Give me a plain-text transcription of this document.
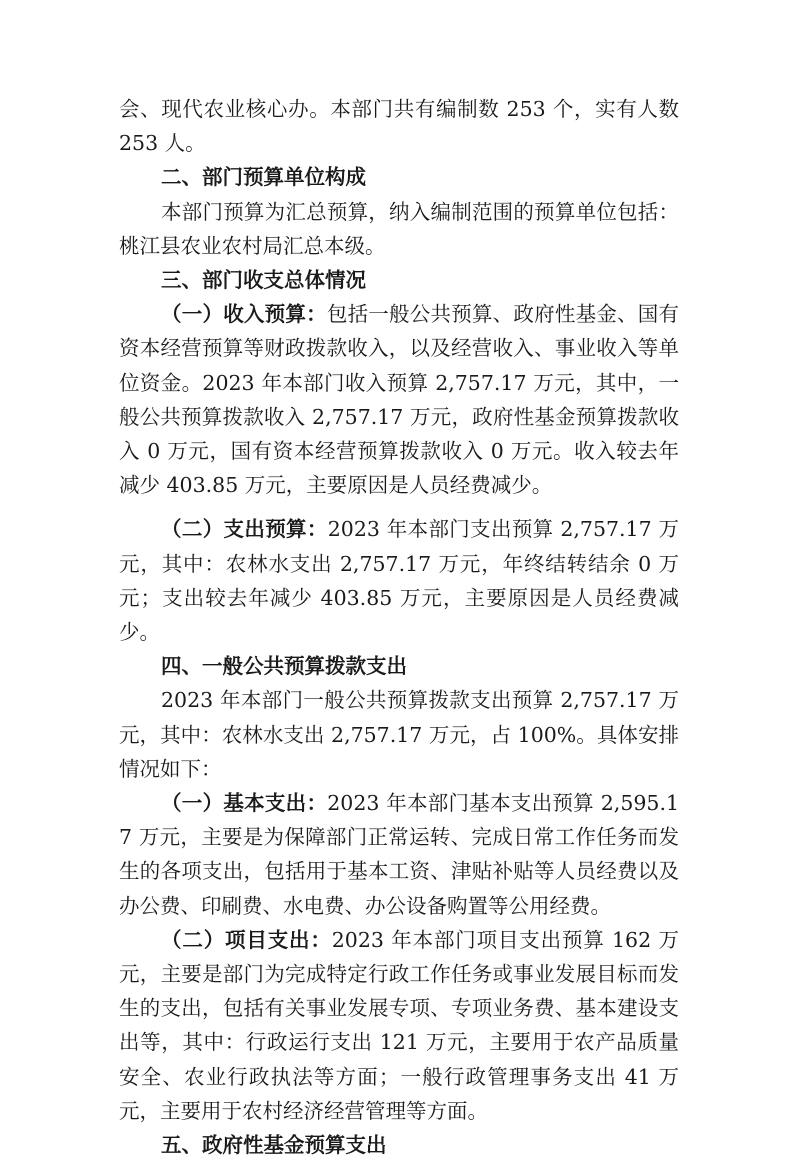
会、现代农业核心办。本部门共有编制数 253 个，实有人数 253 人。

二、部门预算单位构成

本部门预算为汇总预算，纳入编制范围的预算单位包括：桃江县农业农村局汇总本级。

三、部门收支总体情况

（一）收入预算：包括一般公共预算、政府性基金、国有资本经营预算等财政拨款收入，以及经营收入、事业收入等单位资金。2023 年本部门收入预算 2,757.17 万元，其中，一般公共预算拨款收入 2,757.17 万元，政府性基金预算拨款收入 0 万元，国有资本经营预算拨款收入 0 万元。收入较去年减少 403.85 万元，主要原因是人员经费减少。

（二）支出预算：2023 年本部门支出预算 2,757.17 万元，其中：农林水支出 2,757.17 万元，年终结转结余 0 万元；支出较去年减少 403.85 万元，主要原因是人员经费减少。

四、一般公共预算拨款支出

2023 年本部门一般公共预算拨款支出预算 2,757.17 万元，其中：农林水支出 2,757.17 万元，占 100%。具体安排情况如下：

（一）基本支出：2023 年本部门基本支出预算 2,595.17 万元，主要是为保障部门正常运转、完成日常工作任务而发生的各项支出，包括用于基本工资、津贴补贴等人员经费以及办公费、印刷费、水电费、办公设备购置等公用经费。

（二）项目支出：2023 年本部门项目支出预算 162 万元，主要是部门为完成特定行政工作任务或事业发展目标而发生的支出，包括有关事业发展专项、专项业务费、基本建设支出等，其中：行政运行支出 121 万元，主要用于农产品质量安全、农业行政执法等方面；一般行政管理事务支出 41 万元，主要用于农村经济经营管理等方面。

五、政府性基金预算支出
